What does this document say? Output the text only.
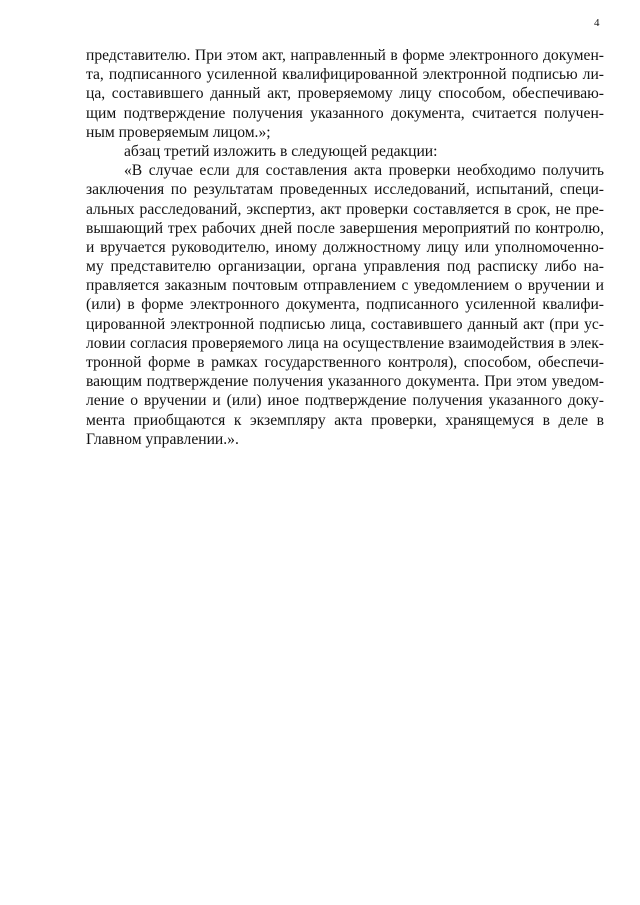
4
представителю. При этом акт, направленный в форме электронного докумен-
та, подписанного усиленной квалифицированной электронной подписью ли-
ца, составившего данный акт, проверяемому лицу способом, обеспечиваю-
щим подтверждение получения указанного документа, считается получен-
ным проверяемым лицом.»;
абзац третий изложить в следующей редакции:
«В случае если для составления акта проверки необходимо получить
заключения по результатам проведенных исследований, испытаний, специ-
альных расследований, экспертиз, акт проверки составляется в срок, не пре-
вышающий трех рабочих дней после завершения мероприятий по контролю,
и вручается руководителю, иному должностному лицу или уполномоченно-
му представителю организации, органа управления под расписку либо на-
правляется заказным почтовым отправлением с уведомлением о вручении и
(или) в форме электронного документа, подписанного усиленной квалифи-
цированной электронной подписью лица, составившего данный акт (при ус-
ловии согласия проверяемого лица на осуществление взаимодействия в элек-
тронной форме в рамках государственного контроля), способом, обеспечи-
вающим подтверждение получения указанного документа. При этом уведом-
ление о вручении и (или) иное подтверждение получения указанного доку-
мента приобщаются к экземпляру акта проверки, хранящемуся в деле в
Главном управлении.».
